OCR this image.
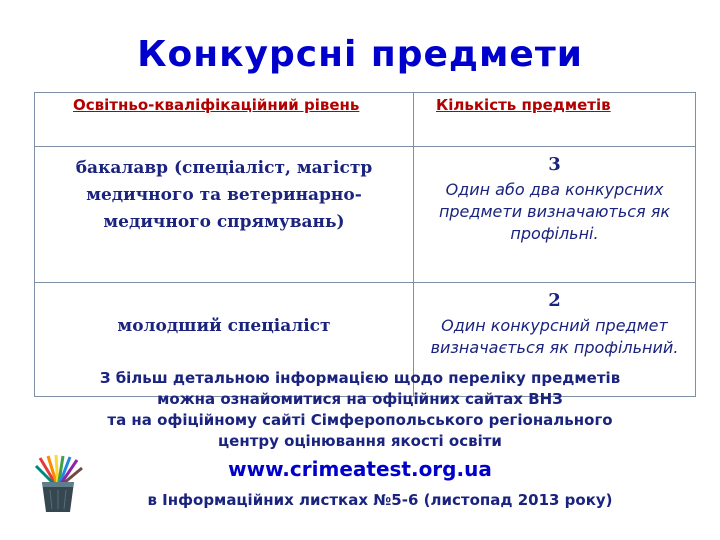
Конкурсні предмети
Освітньо-кваліфікаційний рівень	Кількість предметів

бакалавр (спеціаліст, магістр медичного та ветеринарно-медичного спрямувань)	3
Один або два конкурсних предмети визначаються як профільні.

молодший спеціаліст	2
Один конкурсний предмет визначається як профільний.
З більш детальною інформацією щодо переліку предметів
можна ознайомитися на офіційних сайтах ВНЗ
та на офіційному сайті Сімферопольського регіонального
центру оцінювання якості освіти
www.crimeatest.org.ua
в Інформаційних листках №5-6 (листопад 2013 року)
